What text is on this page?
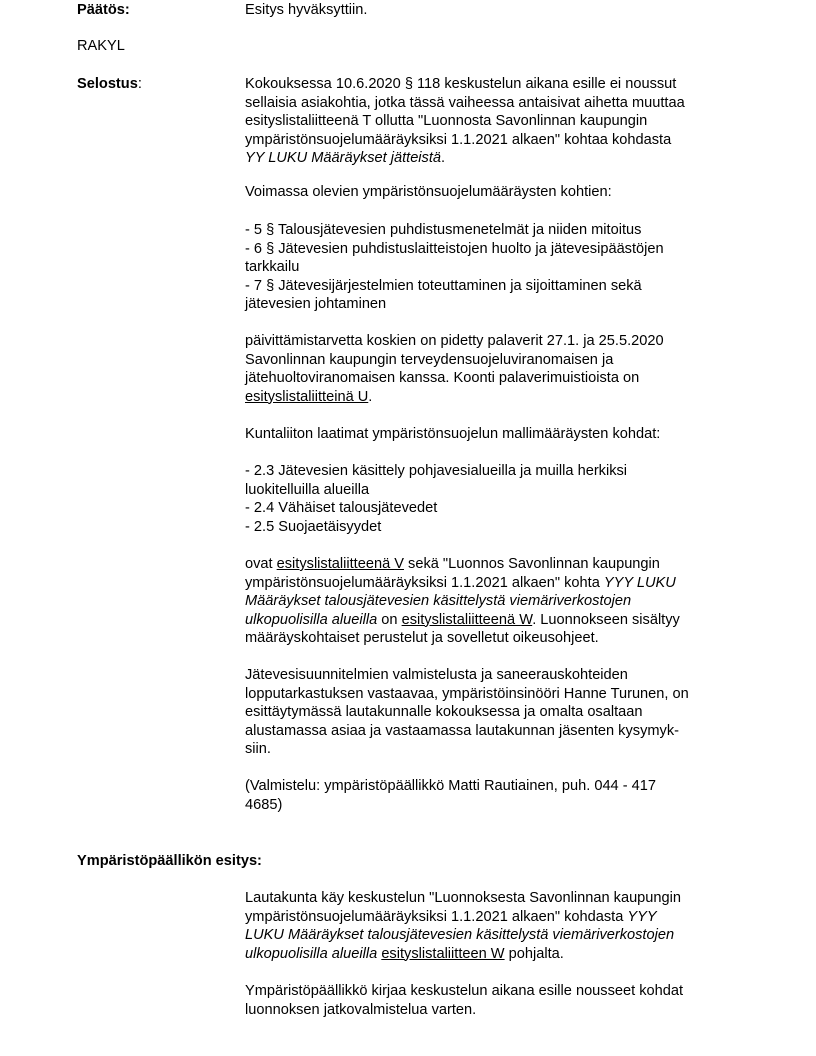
Päätös:	Esitys hyväksyttiin.
RAKYL
Selostus:	Kokouksessa 10.6.2020 § 118 keskustelun aikana esille ei noussut
sellaisia asiakohtia, jotka tässä vaiheessa antaisivat aihetta muuttaa
esityslistaliitteenä T ollutta "Luonnosta Savonlinnan kaupungin
ympäristönsuojelumääräyksiksi 1.1.2021 alkaen" kohtaa kohdasta
YY LUKU Määräykset jätteistä.
Voimassa olevien ympäristönsuojelumääräysten kohtien:
- 5 § Talousjätevesien puhdistusmenetelmät ja niiden mitoitus
- 6 § Jätevesien puhdistuslaitteistojen huolto ja jätevesipäästöjen
tarkkailu
- 7 § Jätevesijärjestelmien toteuttaminen ja sijoittaminen sekä
jätevesien johtaminen
päivittämistarvetta koskien on pidetty palaverit 27.1. ja 25.5.2020
Savonlinnan kaupungin terveydensuojeluviranomaisen ja
jätehuoltoviranomaisen kanssa. Koonti palaverimuistioista on
esityslistaliitteinä U.
Kuntaliiton laatimat ympäristönsuojelun mallimääräysten kohdat:
- 2.3 Jätevesien käsittely pohjavesialueilla ja muilla herkiksi
luokitelluilla alueilla
- 2.4 Vähäiset talousjätevedet
- 2.5 Suojaetäisyydet
ovat esityslistaliitteenä V sekä "Luonnos Savonlinnan kaupungin
ympäristönsuojelumääräyksiksi 1.1.2021 alkaen" kohta YYY LUKU
Määräykset talousjätevesien käsittelystä viemäriverkostojen
ulkopuolisilla alueilla on esityslistaliitteenä W. Luonnokseen sisältyy
määräyskohtaiset perustelut ja sovelletut oikeusohjeet.
Jätevesisuunnitelmien valmistelusta ja saneerauskohteiden
lopputarkastuksen vastaavaa, ympäristöinsinööri Hanne Turunen, on
esittäytymässä lautakunnalle kokouksessa ja omalta osaltaan
alustamassa asiaa ja vastaamassa lautakunnan jäsenten kysymyk-
siin.
(Valmistelu: ympäristöpäällikkö Matti Rautiainen, puh. 044 - 417
4685)
Ympäristöpäällikön esitys:
Lautakunta käy keskustelun "Luonnoksesta Savonlinnan kaupungin
ympäristönsuojelumääräyksiksi 1.1.2021 alkaen" kohdasta YYY
LUKU Määräykset talousjätevesien käsittelystä viemäriverkostojen
ulkopuolisilla alueilla esityslistaliitteen W pohjalta.
Ympäristöpäällikkö kirjaa keskustelun aikana esille nousseet kohdat
luonnoksen jatkovalmistelua varten.
